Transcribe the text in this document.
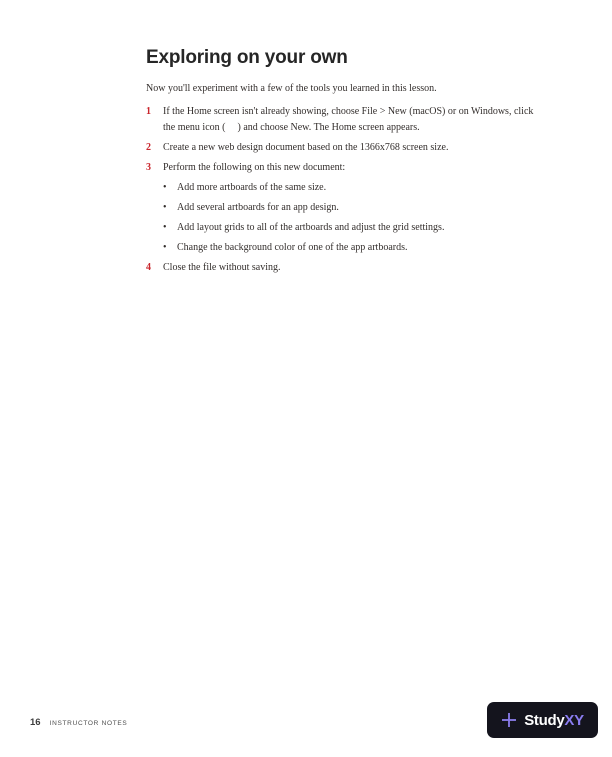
Exploring on your own

Now you'll experiment with a few of the tools you learned in this lesson.

1	If the Home screen isn't already showing, choose File > New (macOS) or on Windows, click the menu icon ( ) and choose New. The Home screen appears.
2	Create a new web design document based on the 1366x768 screen size.
3	Perform the following on this new document:
•	Add more artboards of the same size.
•	Add several artboards for an app design.
•	Add layout grids to all of the artboards and adjust the grid settings.
•	Change the background color of one of the app artboards.
4	Close the file without saving.
16 INSTRUCTOR NOTES	StudyXY
